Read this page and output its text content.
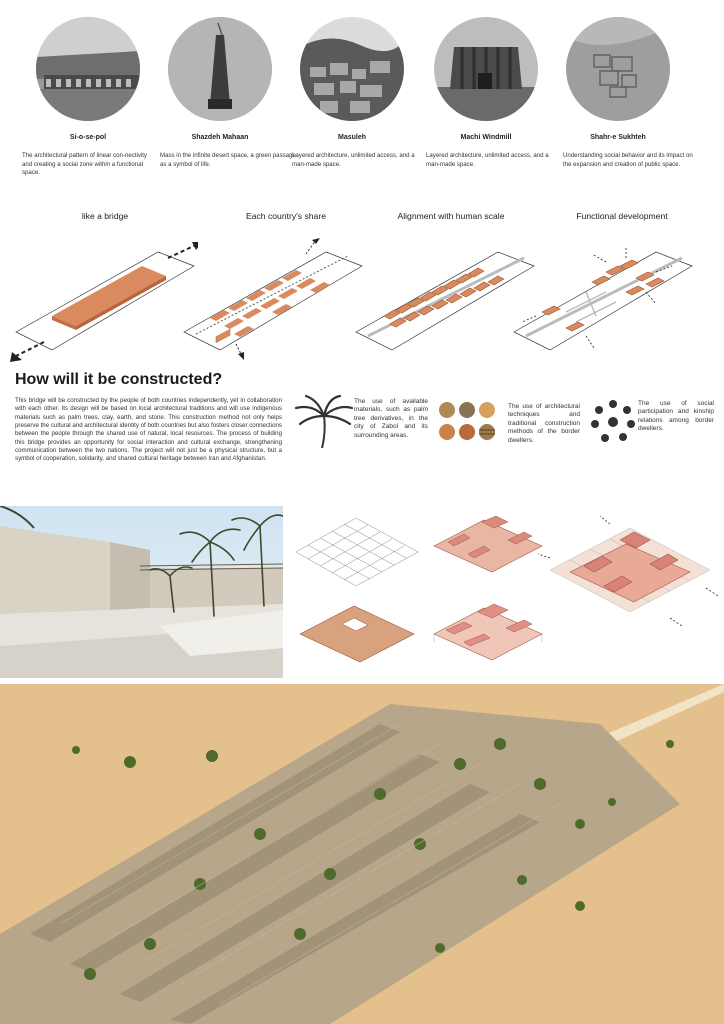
Si-o-se-pol	Shazdeh Mahaan	Masuleh	Machi Windmill	Shahr-e Sukhteh
The architectural pattern of linear con-nectivity and creating a social zone within a functional space.
Mass in the infinite desert space, a green passage as a symbol of life.
Layered architecture, unlimited access, and a man-made space.
Layered architecture, unlimited access, and a man-made space.
Understanding social behavior and its impact on the expansion and creation of public space.
like a bridge	Each country's share	Alignment with human scale	Functional development
How will it be constructed?
This bridge will be constructed by the people of both countries independently, yet in collaboration with each other. Its design will be based on local architectural traditions and will use indigenous materials such as palm trees, clay, earth, and stone. This construction method not only helps preserve the cultural and architectural identity of both countries but also fosters closer connections between the people through the shared use of natural, local resources. The process of building this bridge provides an opportunity for social interaction and cultural exchange, strengthening communication between the two nations. The project will not just be a physical structure, but a symbol of cooperation, solidarity, and shared cultural heritage between Iran and Afghanistan.
The use of available materials, such as palm tree derivatives, in the city of Zabol and its surrounding areas.
The use of architectural techniques and traditional construction methods of the border dwellers.
The use of social participation and kinship relations among border dwellers.
